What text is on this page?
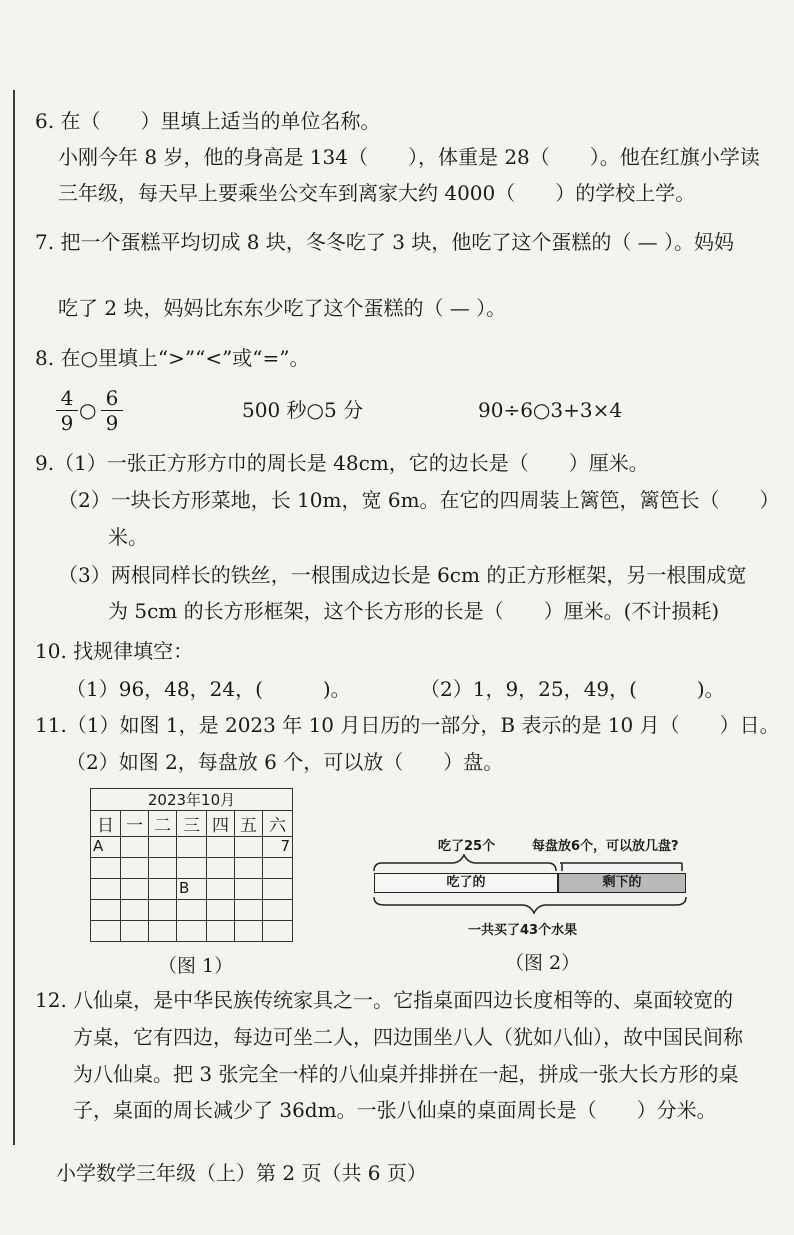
6. 在（　　）里填上适当的单位名称。
小刚今年 8 岁，他的身高是 134（　　），体重是 28（　　）。他在红旗小学读
三年级，每天早上要乘坐公交车到离家大约 4000（　　）的学校上学。
7. 把一个蛋糕平均切成 8 块，冬冬吃了 3 块，他吃了这个蛋糕的（ — ）。妈妈
吃了 2 块，妈妈比东东少吃了这个蛋糕的（ — ）。
8. 在○里填上“>”“<”或“=”。
4
9
○ 6
9
500 秒○5 分	90÷6○3+3×4
9.（1）一张正方形方巾的周长是 48cm，它的边长是（　　）厘米。
（2）一块长方形菜地，长 10m，宽 6m。在它的四周装上篱笆，篱笆长（　　）
米。
（3）两根同样长的铁丝，一根围成边长是 6cm 的正方形框架，另一根围成宽
为 5cm 的长方形框架，这个长方形的长是（　　）厘米。(不计损耗)
10. 找规律填空：
（1）96，48，24，(　　　)。	（2）1，9，25，49，(　　　)。
11.（1）如图 1，是 2023 年 10 月日历的一部分，B 表示的是 10 月（　　）日。
（2）如图 2，每盘放 6 个，可以放（　　）盘。
2023年10月						
日	一	二	三	四	五	六
A						7

			B			

（图 1）
吃了25个	每盘放6个，可以放几盘?
吃了的	剩下的
一共买了43个水果
（图 2）
12. 八仙桌，是中华民族传统家具之一。它指桌面四边长度相等的、桌面较宽的
方桌，它有四边，每边可坐二人，四边围坐八人（犹如八仙），故中国民间称
为八仙桌。把 3 张完全一样的八仙桌并排拼在一起，拼成一张大长方形的桌
子，桌面的周长减少了 36dm。一张八仙桌的桌面周长是（　　）分米。
小学数学三年级（上）第 2 页（共 6 页）
